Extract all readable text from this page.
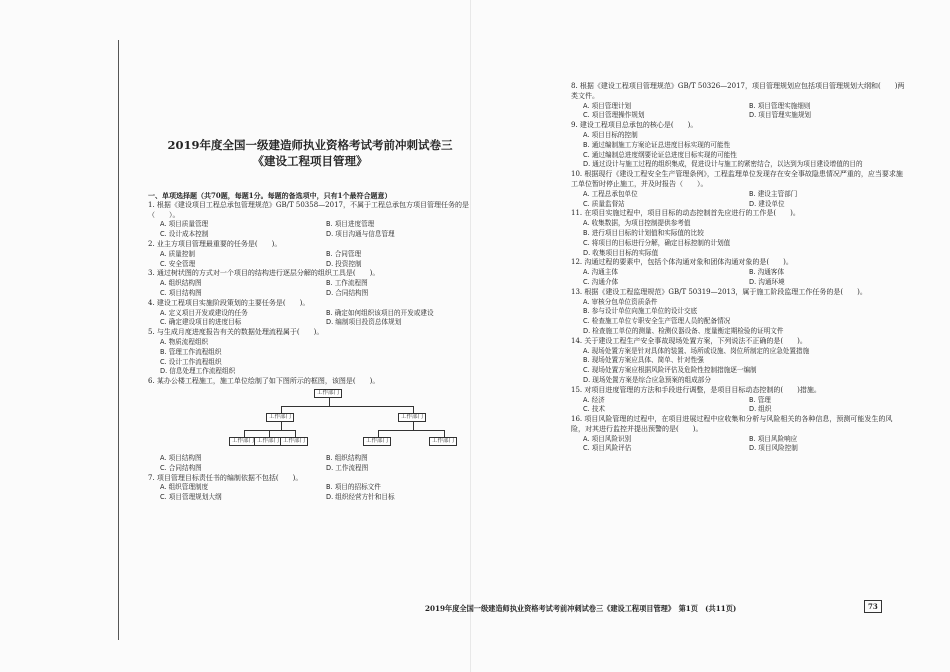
2019年度全国一级建造师执业资格考试考前冲刺试卷三
《建设工程项目管理》
一、单项选择题（共70题，每题1分。每题的备选项中，只有1个最符合题意）
1. 根据《建设项目工程总承包管理规范》GB/T 50358—2017，不属于工程总承包方项目管理任务的是（　　）。
A. 项目质量管理	B. 项目进度管理
C. 设计成本控制	D. 项目沟通与信息管理
2. 业主方项目管理最重要的任务是(　　)。
A. 质量控制	B. 合同管理
C. 安全管理	D. 投资控制
3. 通过树状图的方式对一个项目的结构进行逐层分解的组织工具是(　　)。
A. 组织结构图	B. 工作流程图
C. 项目结构图	D. 合同结构图
4. 建设工程项目实施阶段策划的主要任务是(　　)。
A. 定义项目开发或建设的任务	B. 确定如何组织该项目的开发或建设
C. 确定建设项目的进度目标	D. 编制项目投资总体规划
5. 与生成月度进度报告有关的数据处理流程属于(　　)。
A. 物质流程组织
B. 管理工作流程组织
C. 设计工作流程组织
D. 信息处理工作流程组织
6. 某办公楼工程施工，施工单位绘制了如下图所示的框图，该图是(　　)。
工作部门
工作部门	工作部门
工作部门 工作部门 工作部门	工作部门	工作部门
A. 项目结构图	B. 组织结构图
C. 合同结构图	D. 工作流程图
7. 项目管理目标责任书的编制依据不包括(　　)。
A. 组织管理制度	B. 项目的招标文件
C. 项目管理规划大纲	D. 组织经营方针和目标
8. 根据《建设工程项目管理规范》GB/T 50326—2017，项目管理规划应包括项目管理规划大纲和(　　)两类文件。
A. 项目管理计划	B. 项目管理实施细则
C. 项目管理操作规划	D. 项目管理实施规划
9. 建设工程项目总承包的核心是(　　)。
A. 项目目标的控制
B. 通过编制施工方案论证总进度目标实现的可能性
C. 通过编制总进度纲要论证总进度目标实现的可能性
D. 通过设计与施工过程的组织集成，促进设计与施工的紧密结合，以达到为项目建设增值的目的
10. 根据现行《建设工程安全生产管理条例》，工程监理单位发现存在安全事故隐患情况严重的，应当要求施工单位暂时停止施工，并及时报告（　　）。
A. 工程总承包单位	B. 建设主管部门
C. 质量监督站	D. 建设单位
11. 在项目实施过程中，项目目标的动态控制首先应进行的工作是(　　)。
A. 收集数据，为项目控制提供参考值
B. 进行项目目标的计划值和实际值的比较
C. 将项目的目标进行分解，确定目标控制的计划值
D. 收集项目目标的实际值
12. 沟通过程的要素中，包括个体沟通对象和团体沟通对象的是(　　)。
A. 沟通主体	B. 沟通客体
C. 沟通介体	D. 沟通环境
13. 根据《建设工程监理规范》GB/T 50319—2013，属于施工阶段监理工作任务的是(　　)。
A. 审核分包单位资质条件
B. 参与设计单位向施工单位的设计交底
C. 检查施工单位专职安全生产管理人员的配备情况
D. 检查施工单位的测量、检测仪器设备、度量衡定期检验的证明文件
14. 关于建设工程生产安全事故现场处置方案，下列说法不正确的是(　　)。
A. 现场处置方案是针对具体的装置、场所或设施、岗位所制定的应急处置措施
B. 现场处置方案应具体、简单、针对性强
C. 现场处置方案应根据风险评估及危险性控制措施逐一编制
D. 现场处置方案是综合应急预案的组成部分
15. 对项目进度管理的方法和手段进行调整，是项目目标动态控制的(　　)措施。
A. 经济	B. 管理
C. 技术	D. 组织
16. 项目风险管理的过程中，在项目进展过程中应收集和分析与风险相关的各种信息，预测可能发生的风险，对其进行监控并提出预警的是(　　)。
A. 项目风险识别	B. 项目风险响应
C. 项目风险评估	D. 项目风险控制
2019年度全国一级建造师执业资格考试考前冲刺试卷三《建设工程项目管理》　第1页　(共11页)	73
